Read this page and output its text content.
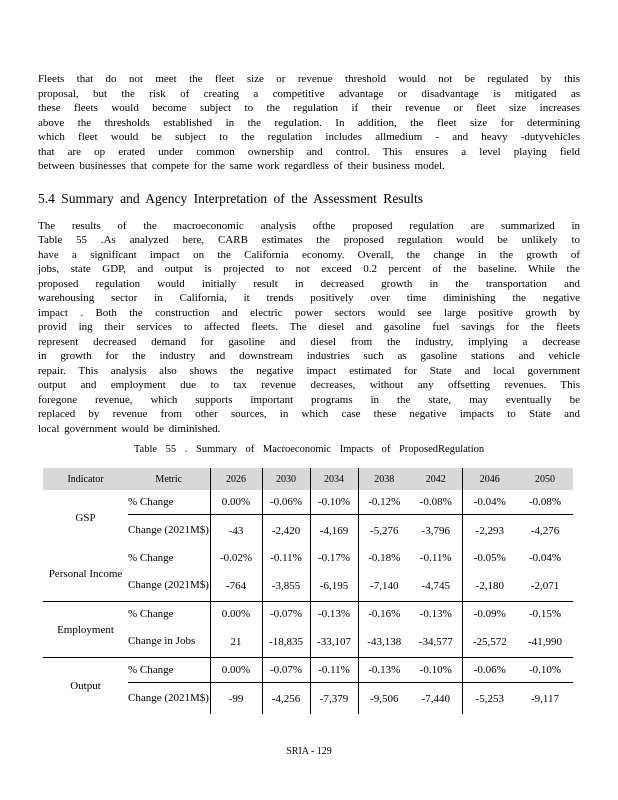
Fleets that do not meet the fleet size or revenue threshold would not be regulated by this
proposal, but the risk of creating a competitive advantage or disadvantage is mitigated as
these fleets would become subject to the regulation if their revenue or fleet size increases
above the thresholds established in the regulation. In addition, the fleet size for determining
which fleet would be subject to the regulation includes allmedium - and heavy -dutyvehicles
that are op erated under common ownership and control. This ensures a level playing field
between businesses that compete for the same work regardless of their business model.
5.4 Summary and Agency Interpretation of the Assessment Results
The results of the macroeconomic analysis ofthe proposed regulation are summarized in
Table 55 .As analyzed here, CARB estimates the proposed regulation would be unlikely to
have a significant impact on the California economy. Overall, the change in the growth of
jobs, state GDP, and output is projected to not exceed 0.2 percent of the baseline. While the
proposed regulation would initially result in decreased growth in the transportation and
warehousing sector in California, it trends positively over time diminishing the negative
impact . Both the construction and electric power sectors would see large positive growth by
provid ing their services to affected fleets. The diesel and gasoline fuel savings for the fleets
represent decreased demand for gasoline and diesel from the industry, implying a decrease
in growth for the industry and downstream industries such as gasoline stations and vehicle
repair. This analysis also shows the negative impact estimated for State and local government
output and employment due to tax revenue decreases, without any offsetting revenues. This
foregone revenue, which supports important programs in the state, may eventually be
replaced by revenue from other sources, in which case these negative impacts to State and
local government would be diminished.
Table 55 . Summary of Macroeconomic Impacts of ProposedRegulation
Indicator	Metric	2026	2030	2034	2038	2042	2046	2050
GSP	% Change	0.00%	-0.06%	-0.10%	-0.12%	-0.08%	-0.04%	-0.08%
	Change (2021M$)	-43	-2,420	-4,169	-5,276	-3,796	-2,293	-4,276
Personal Income	% Change	-0.02%	-0.11%	-0.17%	-0.18%	-0.11%	-0.05%	-0.04%
	Change (2021M$)	-764	-3,855	-6,195	-7,140	-4,745	-2,180	-2,071
Employment	% Change	0.00%	-0.07%	-0.13%	-0.16%	-0.13%	-0.09%	-0.15%
	Change in Jobs	21	-18,835	-33,107	-43,138	-34,577	-25,572	-41,990
Output	% Change	0.00%	-0.07%	-0.11%	-0.13%	-0.10%	-0.06%	-0.10%
	Change (2021M$)	-99	-4,256	-7,379	-9,506	-7,440	-5,253	-9,117
SRIA - 129
